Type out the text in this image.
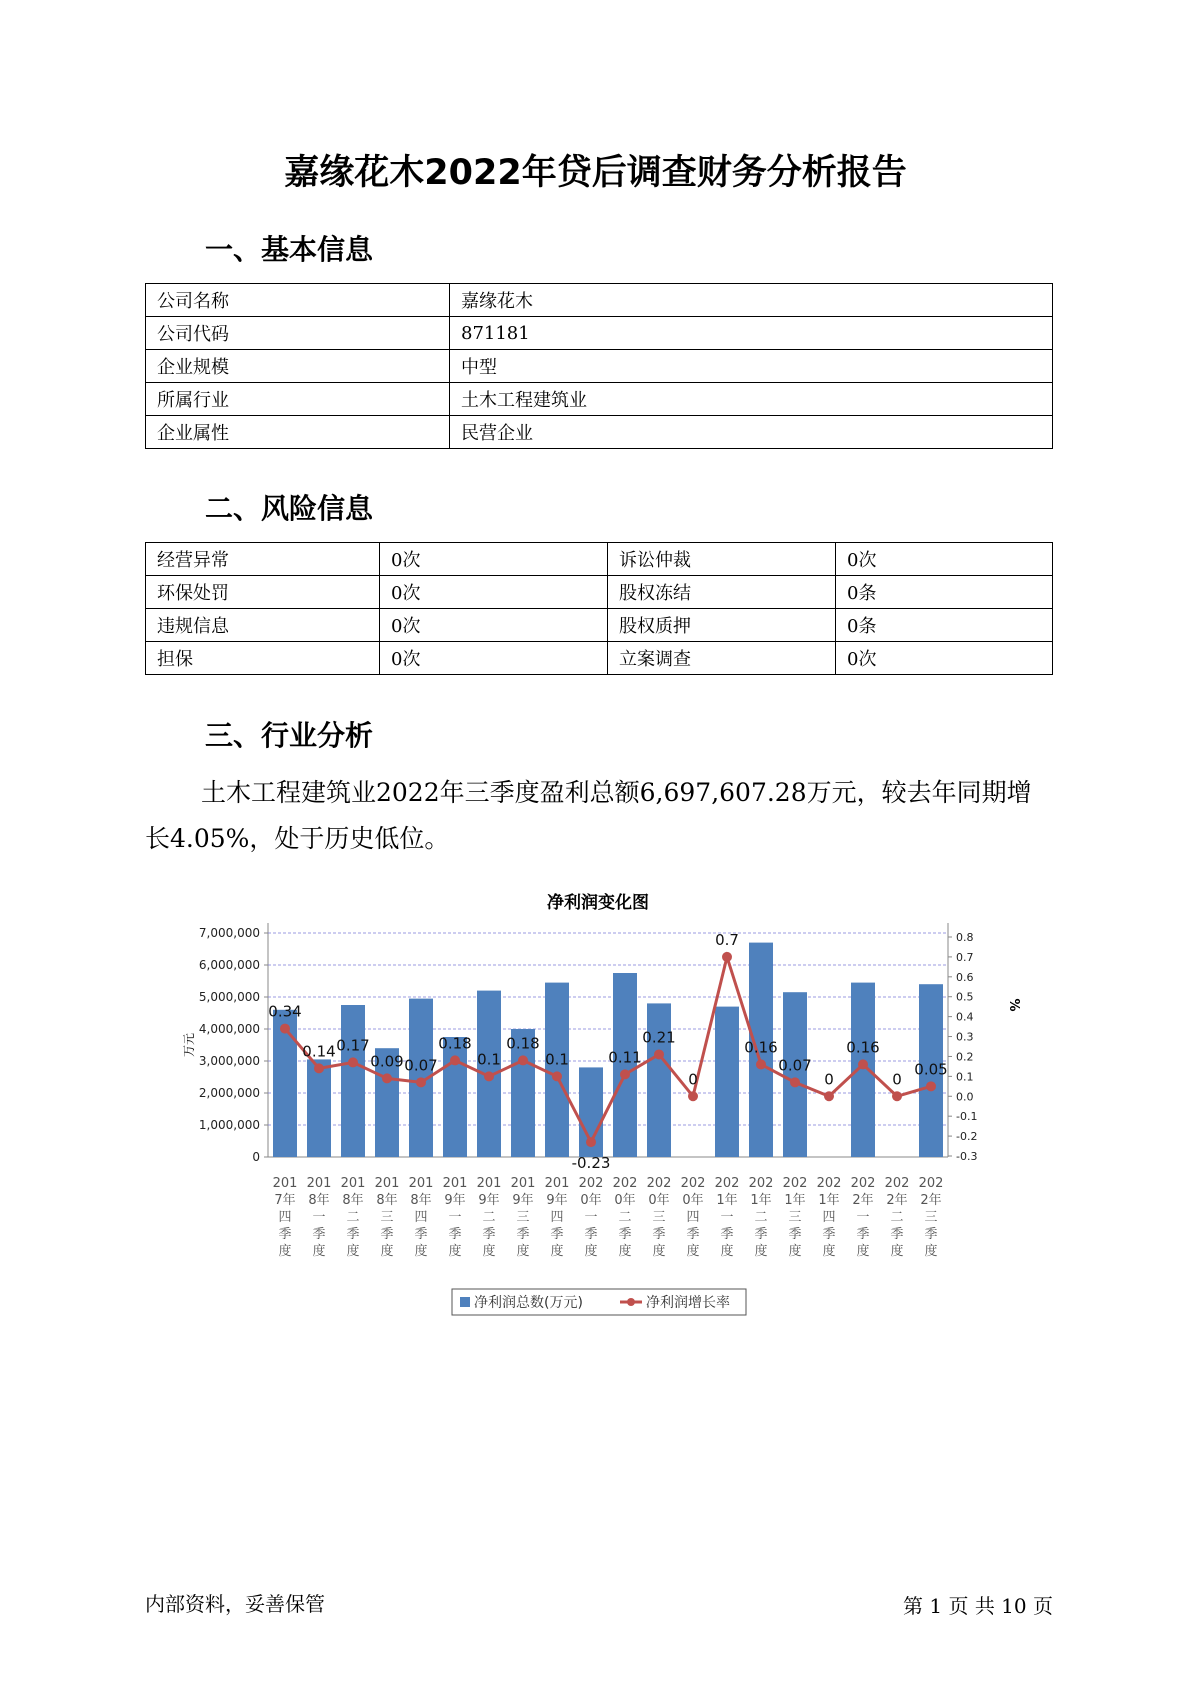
嘉缘花木2022年贷后调查财务分析报告
一、基本信息
公司名称	嘉缘花木
公司代码	871181
企业规模	中型
所属行业	土木工程建筑业
企业属性	民营企业
二、风险信息
经营异常	0次	诉讼仲裁	0次
环保处罚	0次	股权冻结	0条
违规信息	0次	股权质押	0条
担保	0次	立案调查	0次
三、行业分析
土木工程建筑业2022年三季度盈利总额6,697,607.28万元，较去年同期增长4.05%，处于历史低位。
净利润变化图
0
1,000,000
2,000,000
3,000,000
4,000,000
5,000,000
6,000,000
7,000,000
-0.3
-0.2
-0.1
0.0
0.1
0.2
0.3
0.4
0.5
0.6
0.7
0.8
万元
%
201
7年
四
季
度
201
8年
一
季
度
201
8年
二
季
度
201
8年
三
季
度
201
8年
四
季
度
201
9年
一
季
度
201
9年
二
季
度
201
9年
三
季
度
201
9年
四
季
度
202
0年
一
季
度
202
0年
二
季
度
202
0年
三
季
度
202
0年
四
季
度
202
1年
一
季
度
202
1年
二
季
度
202
1年
三
季
度
202
1年
四
季
度
202
2年
一
季
度
202
2年
二
季
度
202
2年
三
季
度
0.34
0.14 0.17
0.09 0.07
0.18
0.1
0.18
0.1
-0.23
0.11
0.21
0
0.7
0.16
0.07
0
0.16
0
0.05
净利润总数(万元)	净利润增长率
内部资料，妥善保管	第 1 页 共 10 页
